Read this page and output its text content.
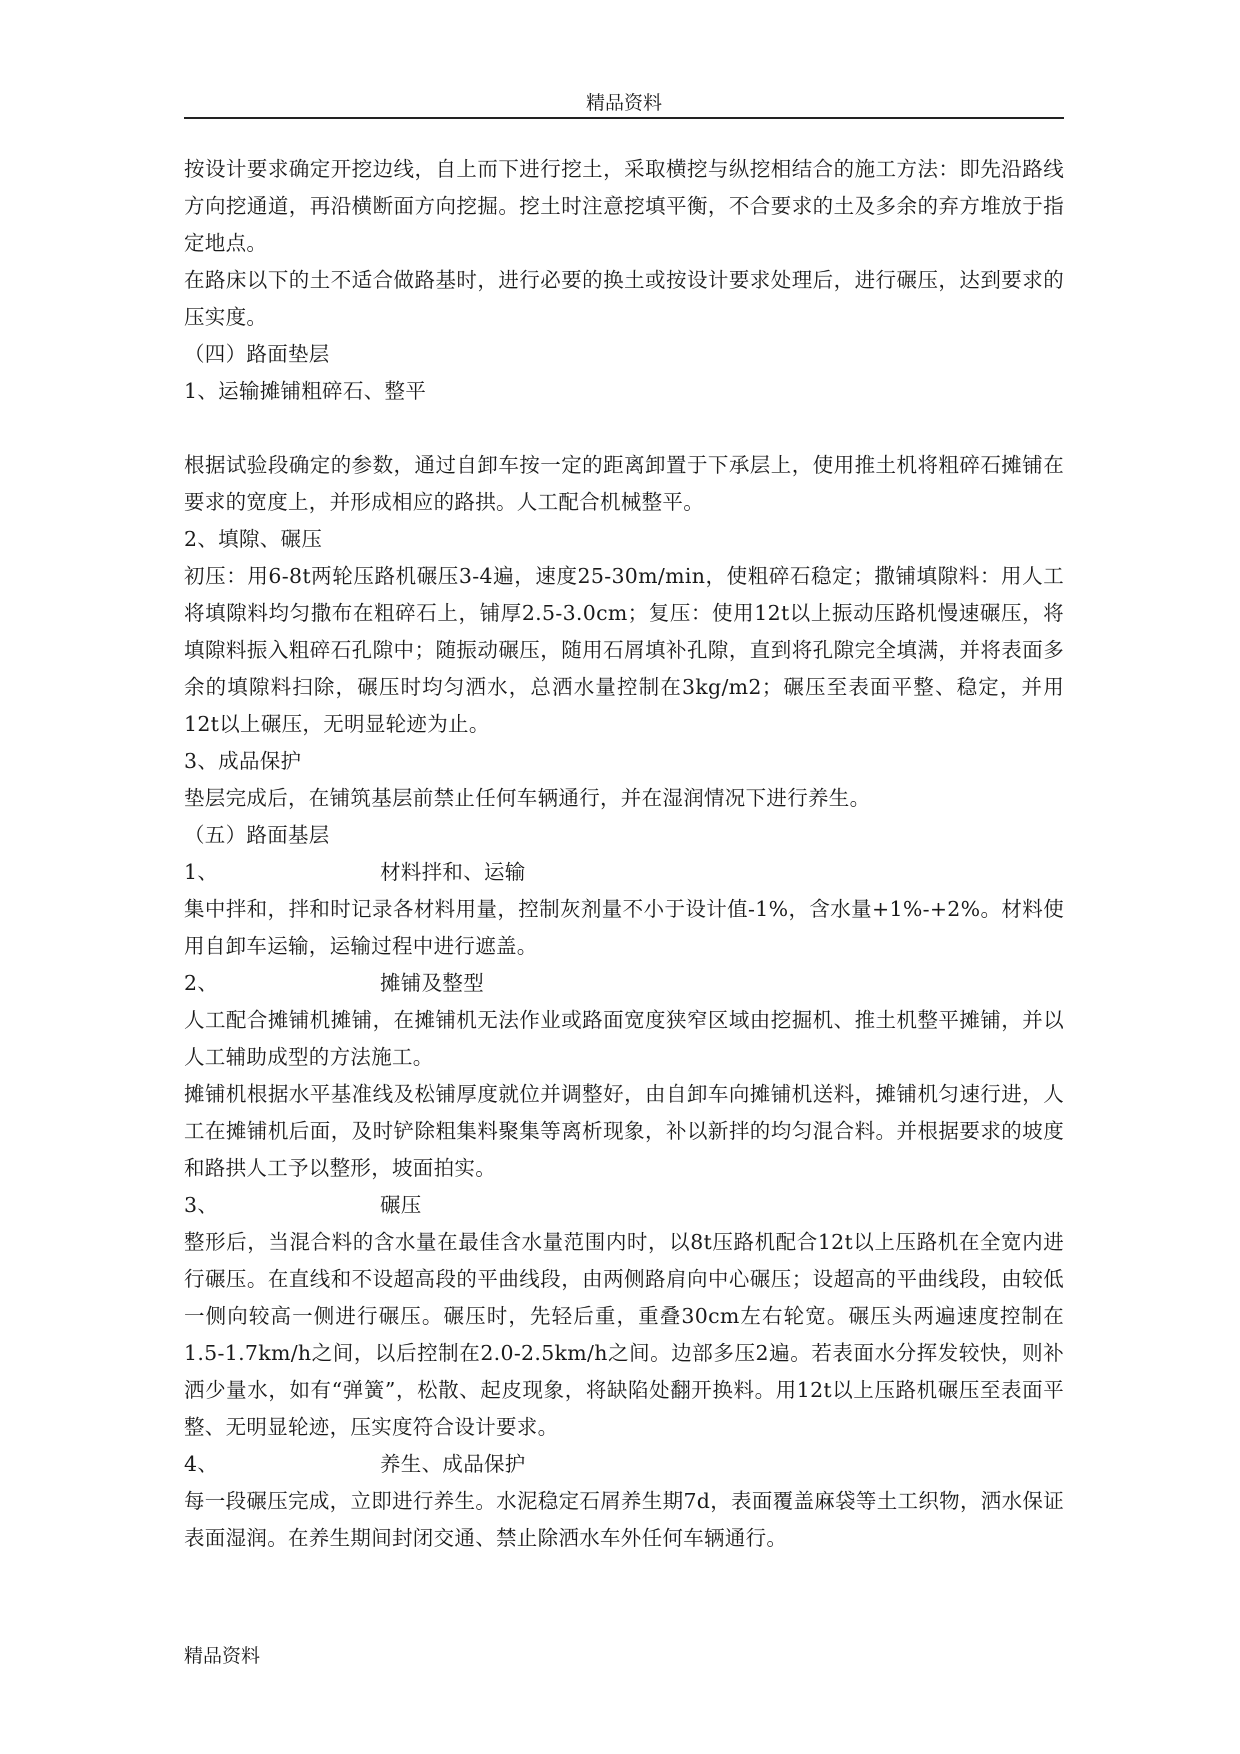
精品资料

按设计要求确定开挖边线，自上而下进行挖土，采取横挖与纵挖相结合的施工方法：即先沿路线方向挖通道，再沿横断面方向挖掘。挖土时注意挖填平衡，不合要求的土及多余的弃方堆放于指定地点。

在路床以下的土不适合做路基时，进行必要的换土或按设计要求处理后，进行碾压，达到要求的压实度。

（四）路面垫层

1、运输摊铺粗碎石、整平

根据试验段确定的参数，通过自卸车按一定的距离卸置于下承层上，使用推土机将粗碎石摊铺在要求的宽度上，并形成相应的路拱。人工配合机械整平。

2、填隙、碾压

初压：用6-8t两轮压路机碾压3-4遍，速度25-30m/min，使粗碎石稳定；撒铺填隙料：用人工将填隙料均匀撒布在粗碎石上，铺厚2.5-3.0cm；复压：使用12t以上振动压路机慢速碾压，将填隙料振入粗碎石孔隙中；随振动碾压，随用石屑填补孔隙，直到将孔隙完全填满，并将表面多余的填隙料扫除，碾压时均匀洒水，总洒水量控制在3kg/m2；碾压至表面平整、稳定，并用12t以上碾压，无明显轮迹为止。

3、成品保护

垫层完成后，在铺筑基层前禁止任何车辆通行，并在湿润情况下进行养生。

（五）路面基层

1、	材料拌和、运输

集中拌和，拌和时记录各材料用量，控制灰剂量不小于设计值-1%，含水量+1%-+2%。材料使用自卸车运输，运输过程中进行遮盖。

2、	摊铺及整型

人工配合摊铺机摊铺，在摊铺机无法作业或路面宽度狭窄区域由挖掘机、推土机整平摊铺，并以人工辅助成型的方法施工。

摊铺机根据水平基准线及松铺厚度就位并调整好，由自卸车向摊铺机送料，摊铺机匀速行进，人工在摊铺机后面，及时铲除粗集料聚集等离析现象，补以新拌的均匀混合料。并根据要求的坡度和路拱人工予以整形，坡面拍实。

3、	碾压

整形后，当混合料的含水量在最佳含水量范围内时，以8t压路机配合12t以上压路机在全宽内进行碾压。在直线和不设超高段的平曲线段，由两侧路肩向中心碾压；设超高的平曲线段，由较低一侧向较高一侧进行碾压。碾压时，先轻后重，重叠30cm左右轮宽。碾压头两遍速度控制在1.5-1.7km/h之间，以后控制在2.0-2.5km/h之间。边部多压2遍。若表面水分挥发较快，则补洒少量水，如有“弹簧”，松散、起皮现象，将缺陷处翻开换料。用12t以上压路机碾压至表面平整、无明显轮迹，压实度符合设计要求。

4、	养生、成品保护

每一段碾压完成，立即进行养生。水泥稳定石屑养生期7d，表面覆盖麻袋等土工织物，洒水保证表面湿润。在养生期间封闭交通、禁止除洒水车外任何车辆通行。

精品资料
